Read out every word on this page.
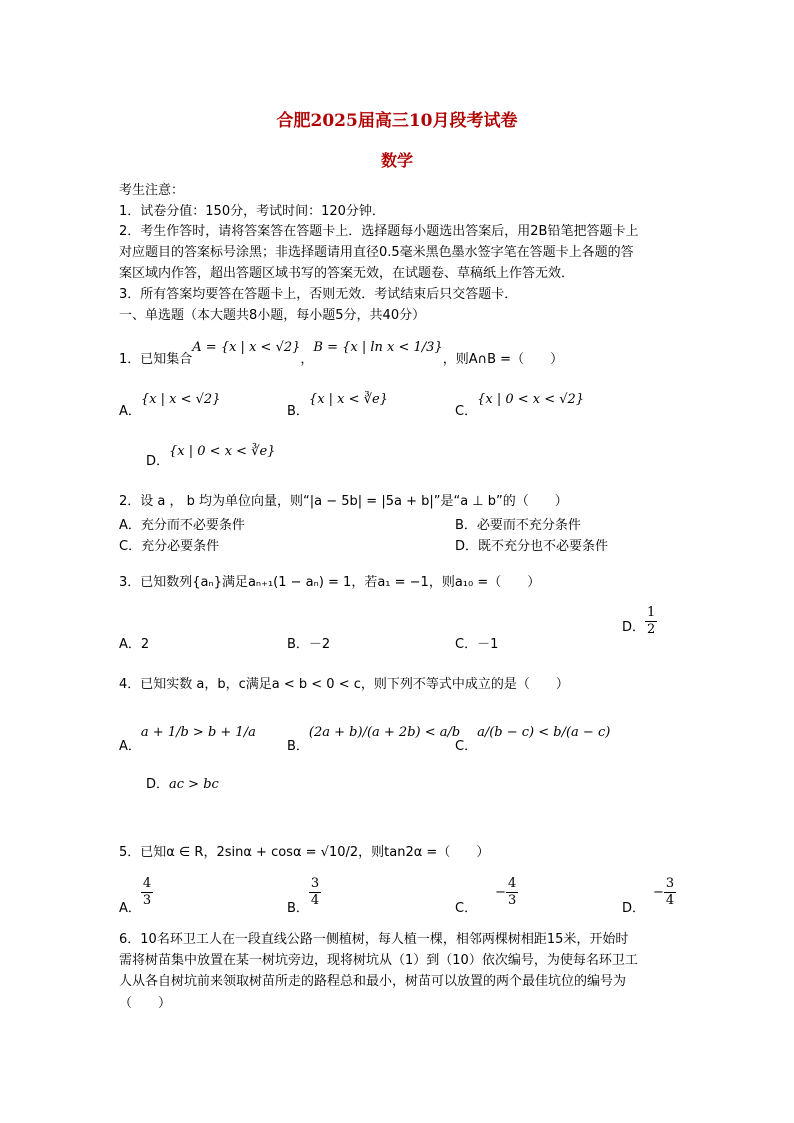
合肥2025届高三10月段考试卷
数学
考生注意：
1．试卷分值：150分，考试时间：120分钟．
2．考生作答时，请将答案答在答题卡上．选择题每小题选出答案后，用2B铅笔把答题卡上
对应题目的答案标号涂黑；非选择题请用直径0.5毫米黑色墨水签字笔在答题卡上各题的答
案区域内作答，超出答题区域书写的答案无效，在试题卷、草稿纸上作答无效．
3．所有答案均要答在答题卡上，否则无效．考试结束后只交答题卡．
一、单选题（本大题共8小题，每小题5分，共40分）
1．已知集合A = {x | x < √2}，B = {x | ln x < 1/3}，则A∩B =（　　）
A．{x | x < √2}
B．{x | x < ∛e}
C．{x | 0 < x < √2}
D．{x | 0 < x < ∛e}
2．设 a ， b 均为单位向量，则“|a − 5b| = |5a + b|”是“a ⊥ b”的（　　）
A．充分而不必要条件	B．必要而不充分条件
C．充分必要条件	D．既不充分也不必要条件
3．已知数列{aₙ}满足aₙ₊₁(1 − aₙ) = 1，若a₁ = −1，则a₁₀ =（　　）
A．2	B．－2	C．－1
D． $\frac{1}{2}$
4．已知实数 a，b，c满足a < b < 0 < c，则下列不等式中成立的是（　　）
A．a + 1/b > b + 1/a
B．(2a + b)/(a + 2b) < a/b
C．a/(b − c) < b/(a − c)
D．ac > bc
5．已知α ∈ R，2sinα + cosα = √10/2，则tan2α =（　　）
A． $\frac{4}{3}$	B． $\frac{3}{4}$	C．− $\frac{4}{3}$	D．− $\frac{3}{4}$
6．10名环卫工人在一段直线公路一侧植树，每人植一棵，相邻两棵树相距15米，开始时
需将树苗集中放置在某一树坑旁边，现将树坑从（1）到（10）依次编号，为使每名环卫工
人从各自树坑前来领取树苗所走的路程总和最小，树苗可以放置的两个最佳坑位的编号为
（　　）
